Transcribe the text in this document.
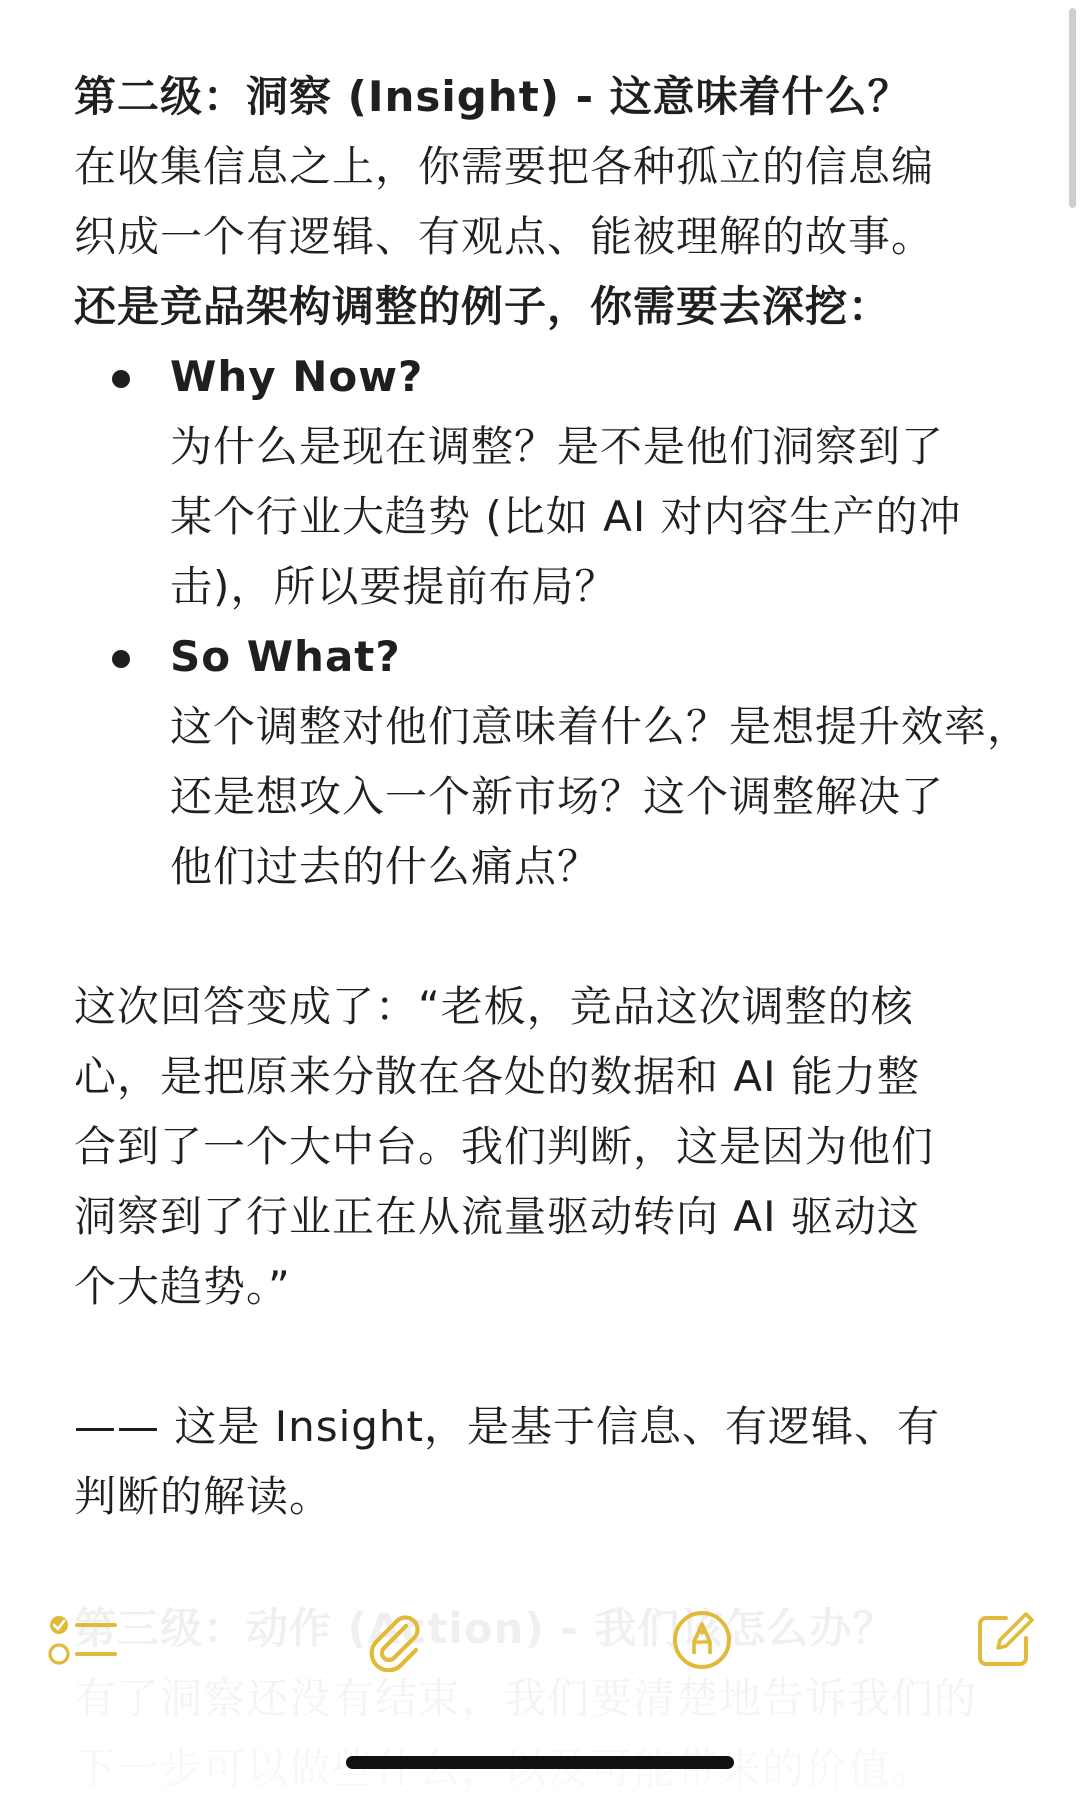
第二级：洞察 (Insight) - 这意味着什么？
在收集信息之上，你需要把各种孤立的信息编
织成一个有逻辑、有观点、能被理解的故事。
还是竞品架构调整的例子，你需要去深挖：
Why Now?
为什么是现在调整？是不是他们洞察到了
某个行业大趋势 (比如 AI 对内容生产的冲
击)，所以要提前布局？
So What?
这个调整对他们意味着什么？是想提升效率，
还是想攻入一个新市场？这个调整解决了
他们过去的什么痛点？
这次回答变成了：“老板，竞品这次调整的核
心，是把原来分散在各处的数据和 AI 能力整
合到了一个大中台。我们判断，这是因为他们
洞察到了行业正在从流量驱动转向 AI 驱动这
个大趋势。”
—— 这是 Insight，是基于信息、有逻辑、有
判断的解读。
